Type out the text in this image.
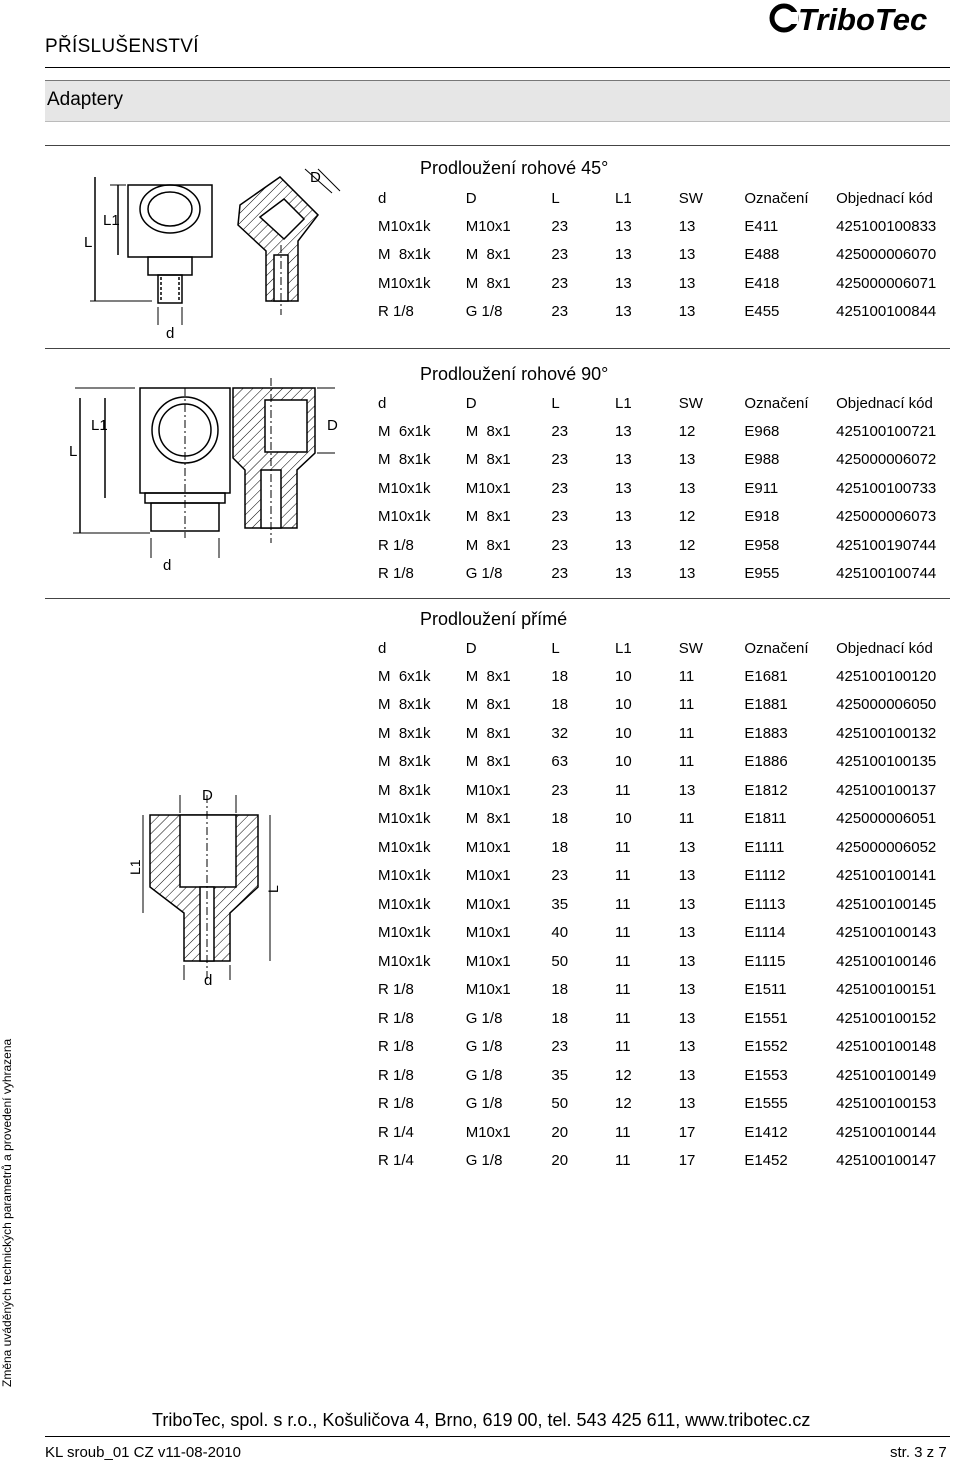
PŘÍSLUŠENSTVÍ
TriboTec
Adaptery
L
L1
d
D
L
L1
d
D
D
d
L
L1
Prodloužení rohové 45°
Prodloužení rohové 90°
Prodloužení přímé
d	D	L	L1	SW	Označení	Objednací kód
M10x1k	M10x1	23	13	13	E411	425100100833
M  8x1k	M  8x1	23	13	13	E488	425000006070
M10x1k	M  8x1	23	13	13	E418	425000006071
R 1/8	G 1/8	23	13	13	E455	425100100844
d	D	L	L1	SW	Označení	Objednací kód
M  6x1k	M  8x1	23	13	12	E968	425100100721
M  8x1k	M  8x1	23	13	13	E988	425000006072
M10x1k	M10x1	23	13	13	E911	425100100733
M10x1k	M  8x1	23	13	12	E918	425000006073
R 1/8	M  8x1	23	13	12	E958	425100190744
R 1/8	G 1/8	23	13	13	E955	425100100744
d	D	L	L1	SW	Označení	Objednací kód
M  6x1k	M  8x1	18	10	11	E1681	425100100120
M  8x1k	M  8x1	18	10	11	E1881	425000006050
M  8x1k	M  8x1	32	10	11	E1883	425100100132
M  8x1k	M  8x1	63	10	11	E1886	425100100135
M  8x1k	M10x1	23	11	13	E1812	425100100137
M10x1k	M  8x1	18	10	11	E1811	425000006051
M10x1k	M10x1	18	11	13	E1111	425000006052
M10x1k	M10x1	23	11	13	E1112	425100100141
M10x1k	M10x1	35	11	13	E1113	425100100145
M10x1k	M10x1	40	11	13	E1114	425100100143
M10x1k	M10x1	50	11	13	E1115	425100100146
R 1/8	M10x1	18	11	13	E1511	425100100151
R 1/8	G 1/8	18	11	13	E1551	425100100152
R 1/8	G 1/8	23	11	13	E1552	425100100148
R 1/8	G 1/8	35	12	13	E1553	425100100149
R 1/8	G 1/8	50	12	13	E1555	425100100153
R 1/4	M10x1	20	11	17	E1412	425100100144
R 1/4	G 1/8	20	11	17	E1452	425100100147
Změna uváděných technických parametrů a provedení vyhrazena
TriboTec, spol. s r.o., Košuličova 4, Brno, 619 00, tel. 543 425 611, www.tribotec.cz
KL sroub_01 CZ v11-08-2010	str. 3 z 7
